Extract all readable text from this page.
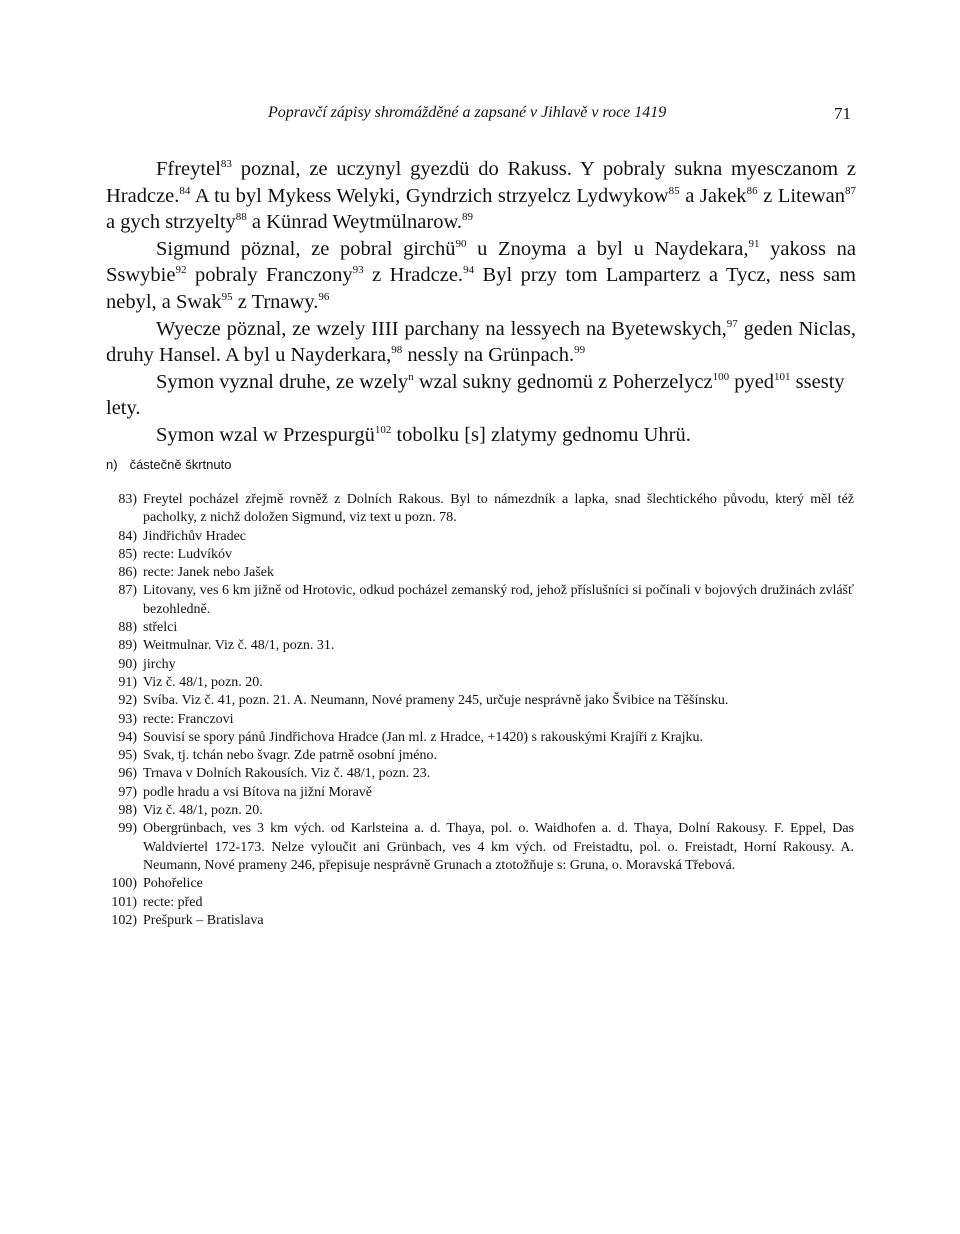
Popravčí zápisy shromážděné a zapsané v Jihlavě v roce 1419	71

Ffreytel$^{83}$ poznal, ze uczynyl gyezdü do Rakuss. Y pobraly sukna myesczanom z Hradcze.$^{84}$ A tu byl Mykess Welyki, Gyndrzich strzyelcz Lydwykow$^{85}$ a Jakek$^{86}$ z Litewan$^{87}$ a gych strzyelty$^{88}$ a Künrad Weytmülnarow.$^{89}$

Sigmund pöznal, ze pobral girchü$^{90}$ u Znoyma a byl u Naydekara,$^{91}$ yakoss na Sswybie$^{92}$ pobraly Franczony$^{93}$ z Hradcze.$^{94}$ Byl przy tom Lamparterz a Tycz, ness sam nebyl, a Swak$^{95}$ z Trnawy.$^{96}$

Wyecze pöznal, ze wzely IIII parchany na lessyech na Byetewskych,$^{97}$ geden Niclas, druhy Hansel. A byl u Nayderkara,$^{98}$ nessly na Grünpach.$^{99}$

Symon vyznal druhe, ze wzely$^n$ wzal sukny gednomü z Poherzelycz$^{100}$ pyed$^{101}$ ssesty

lety.

Symon wzal w Przespurgü$^{102}$ tobolku [s] zlatymy gednomu Uhrü.

n) částečně škrtnuto
83) Freytel pocházel zřejmě rovněž z Dolních Rakous. Byl to námezdník a lapka, snad šlechtického původu, který měl též pacholky, z nichž doložen Sigmund, viz text u pozn. 78.
84) Jindřichův Hradec
85) recte: Ludvíkóv
86) recte: Janek nebo Jašek
87) Litovany, ves 6 km jižně od Hrotovic, odkud pocházel zemanský rod, jehož příslušníci si počínali v bojových družinách zvlášť bezohledně.
88) střelci
89) Weitmulnar. Viz č. 48/1, pozn. 31.
90) jirchy
91) Viz č. 48/1, pozn. 20.
92) Svíba. Viz č. 41, pozn. 21. A. Neumann, Nové prameny 245, určuje nesprávně jako Švibice na Těšínsku.
93) recte: Franczovi
94) Souvisí se spory pánů Jindřichova Hradce (Jan ml. z Hradce, +1420) s rakouskými Krajíři z Krajku.
95) Svak, tj. tchán nebo švagr. Zde patrně osobní jméno.
96) Trnava v Dolních Rakousích. Viz č. 48/1, pozn. 23.
97) podle hradu a vsi Bítova na jižní Moravě
98) Viz č. 48/1, pozn. 20.
99) Obergrünbach, ves 3 km vých. od Karlsteina a. d. Thaya, pol. o. Waidhofen a. d. Thaya, Dolní Rakousy. F. Eppel, Das Waldviertel 172-173. Nelze vyloučit ani Grünbach, ves 4 km vých. od Freistadtu, pol. o. Freistadt, Horní Rakousy. A. Neumann, Nové prameny 246, přepisuje nesprávně Grunach a ztotožňuje s: Gruna, o. Moravská Třebová.
100) Pohořelice
101) recte: před
102) Prešpurk – Bratislava
